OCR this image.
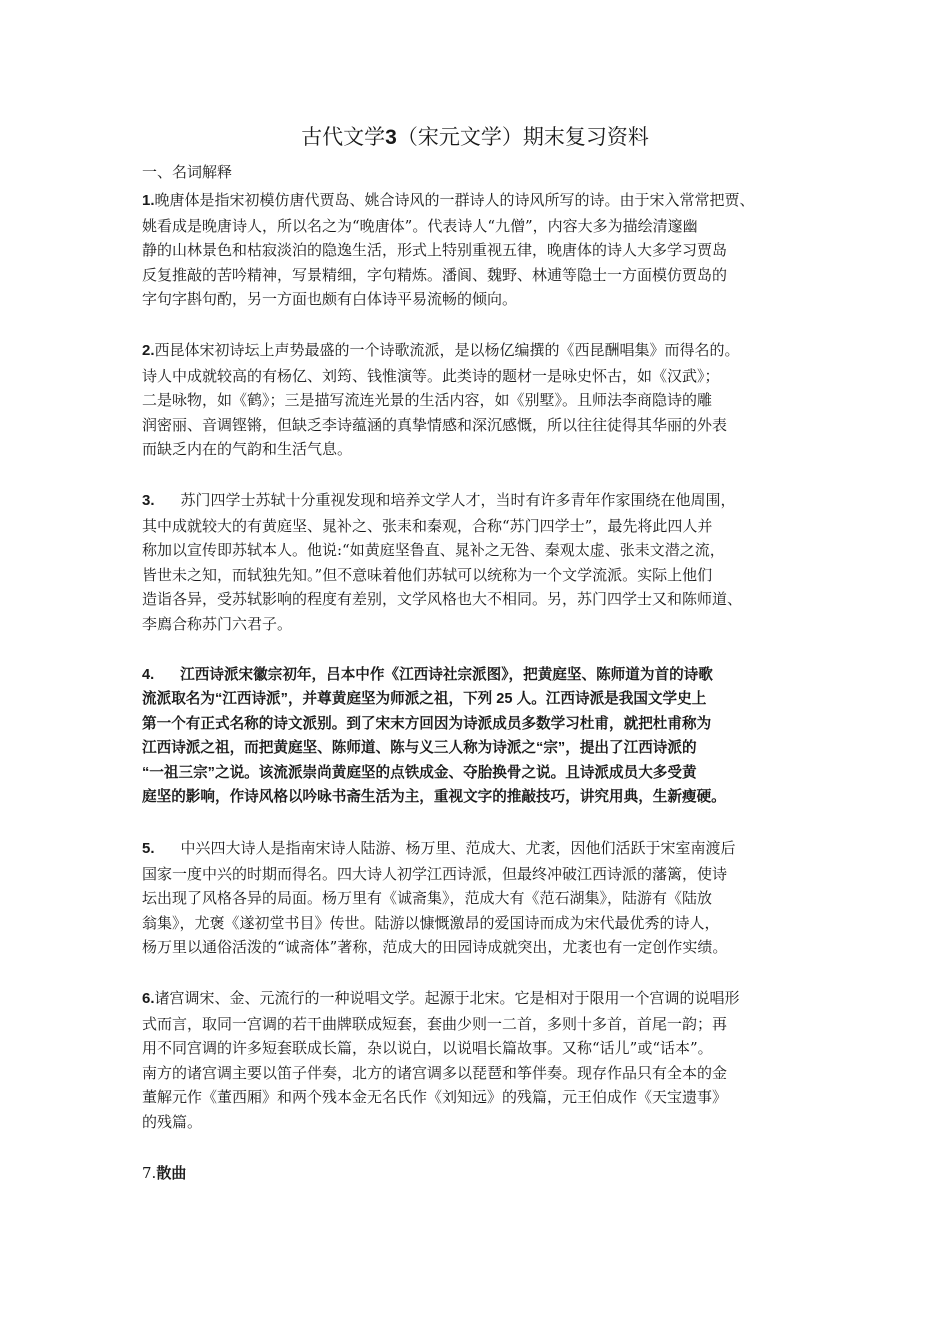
古代文学3（宋元文学）期末复习资料
一、名词解释

1.晚唐体是指宋初模仿唐代贾岛、姚合诗风的一群诗人的诗风所写的诗。由于宋入常常把贾、
姚看成是晚唐诗人，所以名之为“晚唐体”。代表诗人“九僧”，内容大多为描绘清邃幽
静的山林景色和枯寂淡泊的隐逸生活，形式上特别重视五律，晚唐体的诗人大多学习贾岛
反复推敲的苦吟精神，写景精细，字句精炼。潘阆、魏野、林逋等隐士一方面模仿贾岛的
字句字斟句酌，另一方面也颇有白体诗平易流畅的倾向。

2.西昆体宋初诗坛上声势最盛的一个诗歌流派，是以杨亿编撰的《西昆酬唱集》而得名的。
诗人中成就较高的有杨亿、刘筠、钱惟演等。此类诗的题材一是咏史怀古，如《汉武》；
二是咏物，如《鹤》；三是描写流连光景的生活内容，如《别墅》。且师法李商隐诗的雕
润密丽、音调铿锵，但缺乏李诗蕴涵的真挚情感和深沉感慨，所以往往徒得其华丽的外表
而缺乏内在的气韵和生活气息。

3. 苏门四学士苏轼十分重视发现和培养文学人才，当时有许多青年作家围绕在他周围，
其中成就较大的有黄庭坚、晁补之、张耒和秦观，合称“苏门四学士”，最先将此四人并
称加以宣传即苏轼本人。他说:“如黄庭坚鲁直、晁补之无咎、秦观太虚、张耒文潜之流，
皆世未之知，而轼独先知。”但不意味着他们苏轼可以统称为一个文学流派。实际上他们
造诣各异，受苏轼影响的程度有差别，文学风格也大不相同。另，苏门四学士又和陈师道、
李廌合称苏门六君子。

4. 江西诗派宋徽宗初年，吕本中作《江西诗社宗派图》，把黄庭坚、陈师道为首的诗歌
流派取名为“江西诗派”，并尊黄庭坚为师派之祖，下列 25 人。江西诗派是我国文学史上
第一个有正式名称的诗文派别。到了宋末方回因为诗派成员多数学习杜甫，就把杜甫称为
江西诗派之祖，而把黄庭坚、陈师道、陈与义三人称为诗派之“宗”，提出了江西诗派的
“一祖三宗”之说。该流派崇尚黄庭坚的点铁成金、夺胎换骨之说。且诗派成员大多受黄
庭坚的影响，作诗风格以吟咏书斋生活为主，重视文字的推敲技巧，讲究用典，生新瘦硬。

5. 中兴四大诗人是指南宋诗人陆游、杨万里、范成大、尤袤，因他们活跃于宋室南渡后
国家一度中兴的时期而得名。四大诗人初学江西诗派，但最终冲破江西诗派的藩篱，使诗
坛出现了风格各异的局面。杨万里有《诚斋集》，范成大有《范石湖集》，陆游有《陆放
翁集》，尤褒《遂初堂书目》传世。陆游以慷慨激昂的爱国诗而成为宋代最优秀的诗人，
杨万里以通俗活泼的“诚斋体”著称，范成大的田园诗成就突出，尤袤也有一定创作实绩。

6.诸宫调宋、金、元流行的一种说唱文学。起源于北宋。它是相对于限用一个宫调的说唱形
式而言，取同一宫调的若干曲牌联成短套，套曲少则一二首，多则十多首，首尾一韵；再
用不同宫调的许多短套联成长篇，杂以说白，以说唱长篇故事。又称“话儿”或“话本”。
南方的诸宫调主要以笛子伴奏，北方的诸宫调多以琵琶和筝伴奏。现存作品只有全本的金
董解元作《董西厢》和两个残本金无名氏作《刘知远》的残篇，元王伯成作《天宝遗事》
的残篇。

7.散曲
